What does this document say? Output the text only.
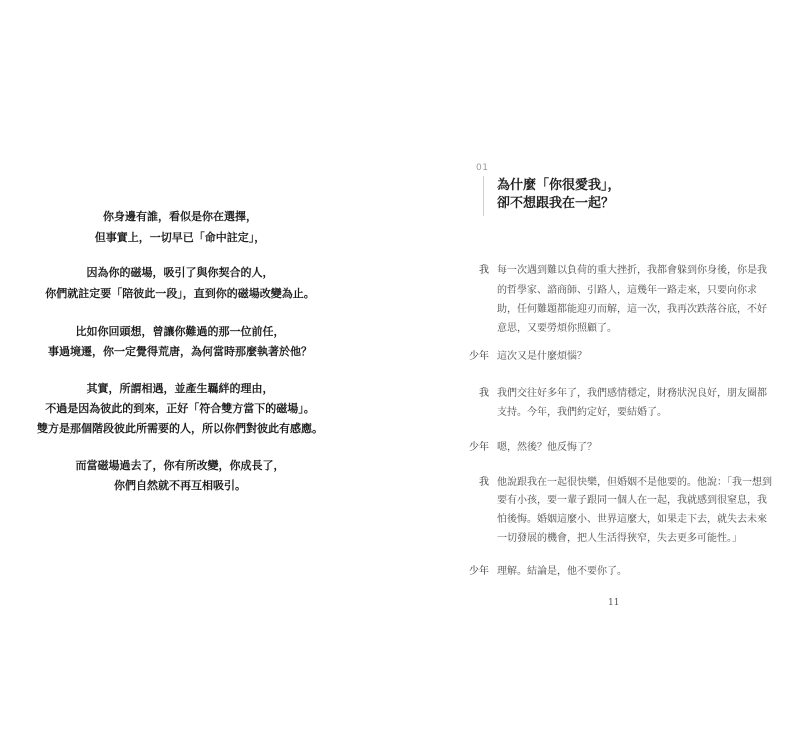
你身邊有誰，看似是你在選擇，
但事實上，一切早已「命中註定」，
因為你的磁場，吸引了與你契合的人，
你們就註定要「陪彼此一段」，直到你的磁場改變為止。
比如你回頭想，曾讓你難過的那一位前任，
事過境遷，你一定覺得荒唐，為何當時那麼執著於他？
其實，所謂相遇，並產生羈絆的理由，
不過是因為彼此的到來，正好「符合雙方當下的磁場」。
雙方是那個階段彼此所需要的人，所以你們對彼此有感應。
而當磁場過去了，你有所改變，你成長了，
你們自然就不再互相吸引。
01
為什麼「你很愛我」，
卻不想跟我在一起？
我 每一次遇到難以負荷的重大挫折，我都會躲到你身後，你是我
的哲學家、諮商師、引路人，這幾年一路走來，只要向你求
助，任何難題都能迎刃而解，這一次，我再次跌落谷底，不好
意思，又要勞煩你照顧了。
少年 這次又是什麼煩惱？
我 我們交往好多年了，我們感情穩定，財務狀況良好，朋友圈都
支持。今年，我們約定好，要結婚了。
少年 嗯，然後？他反悔了？
我 他說跟我在一起很快樂，但婚姻不是他要的。他說：「我一想到
要有小孩，要一輩子跟同一個人在一起，我就感到很窒息，我
怕後悔。婚姻這麼小、世界這麼大，如果走下去，就失去未來
一切發展的機會，把人生活得狹窄，失去更多可能性。」
少年 理解。結論是，他不要你了。
11
